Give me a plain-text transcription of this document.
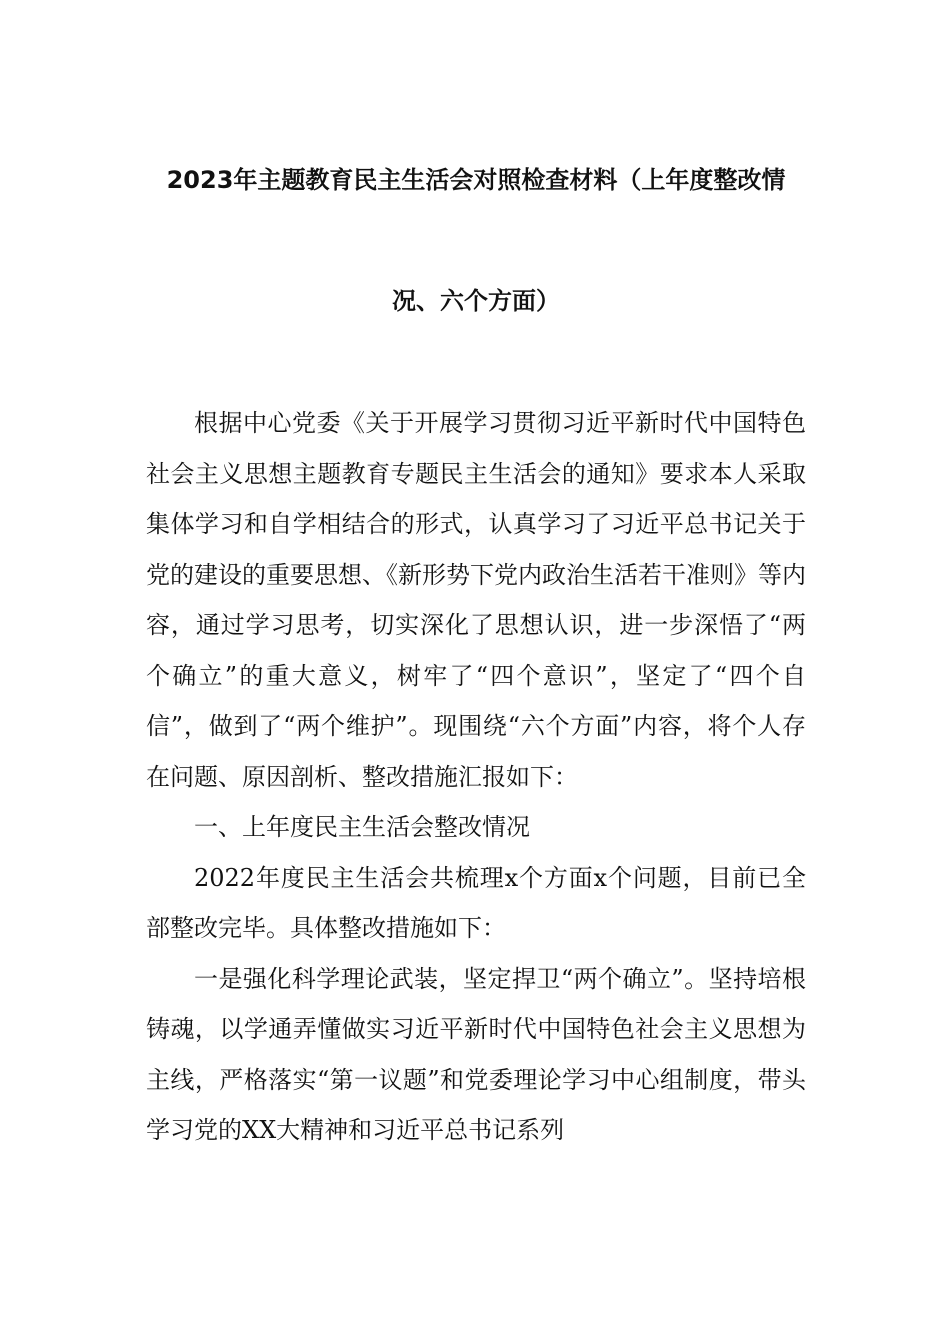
2023年主题教育民主生活会对照检查材料（上年度整改情
况、六个方面）

根据中心党委《关于开展学习贯彻习近平新时代中国特色社会主义思想主题教育专题民主生活会的通知》要求本人采取集体学习和自学相结合的形式，认真学习了习近平总书记关于党的建设的重要思想、《新形势下党内政治生活若干准则》等内容，通过学习思考，切实深化了思想认识，进一步深悟了“两个确立”的重大意义，树牢了“四个意识”，坚定了“四个自信”，做到了“两个维护”。现围绕“六个方面”内容，将个人存在问题、原因剖析、整改措施汇报如下：

一、上年度民主生活会整改情况

2022年度民主生活会共梳理x个方面x个问题，目前已全部整改完毕。具体整改措施如下：

一是强化科学理论武装，坚定捍卫“两个确立”。坚持培根铸魂，以学通弄懂做实习近平新时代中国特色社会主义思想为主线，严格落实“第一议题”和党委理论学习中心组制度，带头学习党的XX大精神和习近平总书记系列
